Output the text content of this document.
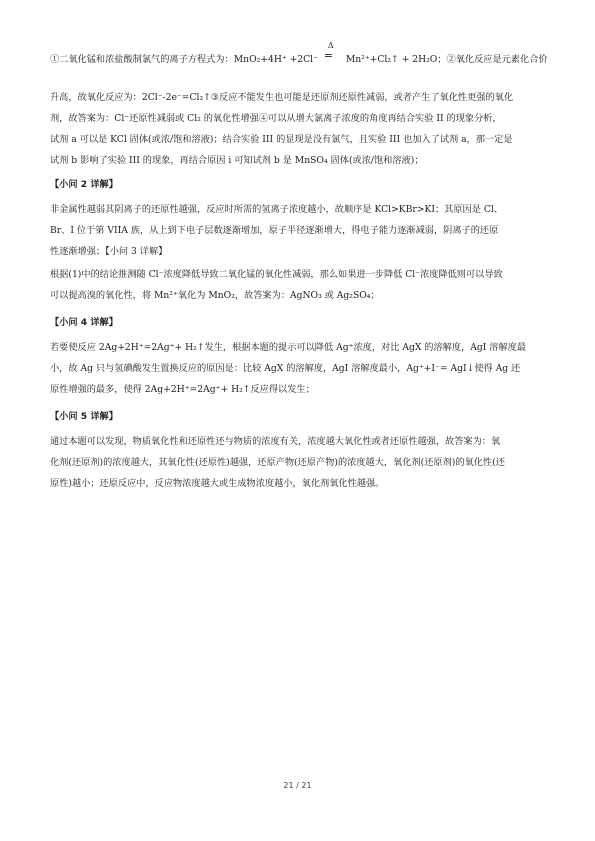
①二氧化锰和浓盐酸制氯气的离子方程式为：MnO₂+4H⁺ +2Cl⁻
Δ
=	Mn²⁺+Cl₂↑ + 2H₂O；②氧化反应是元素化合价
升高，故氧化反应为：2Cl⁻-2e⁻=Cl₂↑③反应不能发生也可能是还原剂还原性减弱，或者产生了氧化性更强的氧化
剂，故答案为：Cl⁻还原性减弱或 Cl₂ 的氧化性增强④可以从增大氯离子浓度的角度再结合实验 II 的现象分析，
试剂 a 可以是 KCl 固体(或浓/饱和溶液)；结合实验 III 的显现是没有氯气，且实验 III 也加入了试剂 a，那一定是
试剂 b 影响了实验 III 的现象，再结合原因 i 可知试剂 b 是 MnSO₄ 固体(或浓/饱和溶液)；
【小问 2 详解】
非金属性越弱其阴离子的还原性越强，反应时所需的氢离子浓度越小，故顺序是 KCl>KBr>KI；其原因是 Cl、
Br、I 位于第 VIIA 族，从上到下电子层数逐渐增加，原子半径逐渐增大，得电子能力逐渐减弱，阴离子的还原
性逐渐增强；【小问 3 详解】
根据(1)中的结论推测随 Cl⁻浓度降低导致二氧化锰的氧化性减弱，那么如果进一步降低 Cl⁻浓度降低则可以导致
可以提高溴的氧化性，将 Mn²⁺氧化为 MnO₂，故答案为：AgNO₃ 或 Ag₂SO₄；
【小问 4 详解】
若要使反应 2Ag+2H⁺=2Ag⁺+ H₂↑发生，根据本题的提示可以降低 Ag⁺浓度，对比 AgX 的溶解度，AgI 溶解度最
小，故 Ag 只与氢碘酸发生置换反应的原因是：比较 AgX 的溶解度，AgI 溶解度最小，Ag⁺+I⁻= AgI↓使得 Ag 还
原性增强的最多，使得 2Ag+2H⁺=2Ag⁺+ H₂↑反应得以发生；
【小问 5 详解】
通过本题可以发现，物质氧化性和还原性还与物质的浓度有关，浓度越大氧化性或者还原性越强，故答案为：氧
化剂(还原剂)的浓度越大，其氧化性(还原性)越强，还原产物(还原产物)的浓度越大，氧化剂(还原剂)的氧化性(还
原性)越小；还原反应中，反应物浓度越大或生成物浓度越小，氧化剂氧化性越强。
21 / 21
